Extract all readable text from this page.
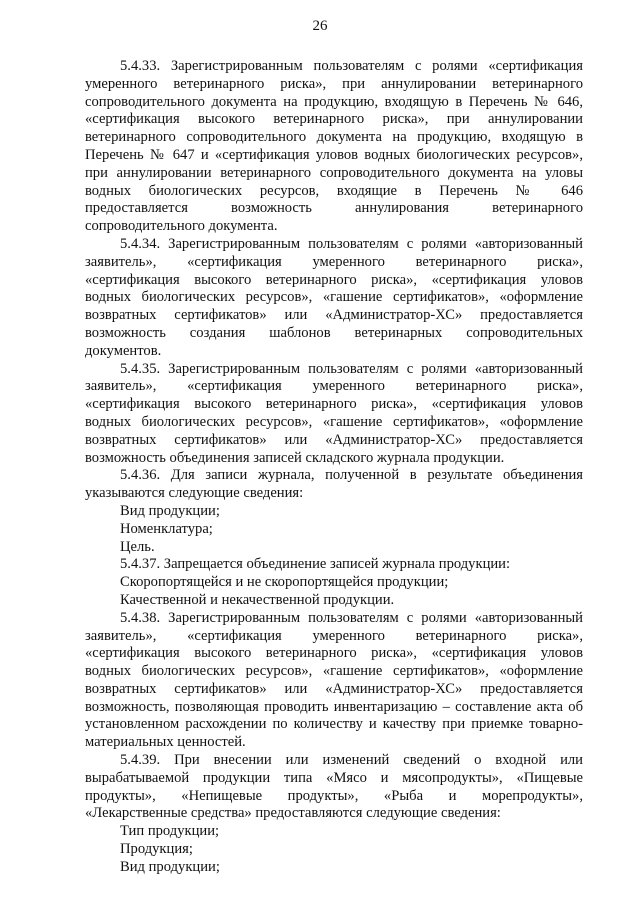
26
5.4.33. Зарегистрированным пользователям с ролями «сертификация
умеренного ветеринарного риска», при аннулировании ветеринарного
сопроводительного документа на продукцию, входящую в Перечень № 646,
«сертификация высокого ветеринарного риска», при аннулировании
ветеринарного сопроводительного документа на продукцию, входящую в
Перечень № 647 и «сертификация уловов водных биологических ресурсов»,
при аннулировании ветеринарного сопроводительного документа на уловы
водных биологических ресурсов, входящие в Перечень № 646
предоставляется возможность аннулирования ветеринарного
сопроводительного документа.
5.4.34. Зарегистрированным пользователям с ролями «авторизованный
заявитель», «сертификация умеренного ветеринарного риска»,
«сертификация высокого ветеринарного риска», «сертификация уловов
водных биологических ресурсов», «гашение сертификатов», «оформление
возвратных сертификатов» или «Администратор-ХС» предоставляется
возможность создания шаблонов ветеринарных сопроводительных
документов.
5.4.35. Зарегистрированным пользователям с ролями «авторизованный
заявитель», «сертификация умеренного ветеринарного риска»,
«сертификация высокого ветеринарного риска», «сертификация уловов
водных биологических ресурсов», «гашение сертификатов», «оформление
возвратных сертификатов» или «Администратор-ХС» предоставляется
возможность объединения записей складского журнала продукции.
5.4.36. Для записи журнала, полученной в результате объединения
указываются следующие сведения:
Вид продукции;
Номенклатура;
Цель.
5.4.37. Запрещается объединение записей журнала продукции:
Скоропортящейся и не скоропортящейся продукции;
Качественной и некачественной продукции.
5.4.38. Зарегистрированным пользователям с ролями «авторизованный
заявитель», «сертификация умеренного ветеринарного риска»,
«сертификация высокого ветеринарного риска», «сертификация уловов
водных биологических ресурсов», «гашение сертификатов», «оформление
возвратных сертификатов» или «Администратор-ХС» предоставляется
возможность, позволяющая проводить инвентаризацию – составление акта об
установленном расхождении по количеству и качеству при приемке товарно-
материальных ценностей.
5.4.39. При внесении или изменений сведений о входной или
вырабатываемой продукции типа «Мясо и мясопродукты», «Пищевые
продукты», «Непищевые продукты», «Рыба и морепродукты»,
«Лекарственные средства» предоставляются следующие сведения:
Тип продукции;
Продукция;
Вид продукции;
